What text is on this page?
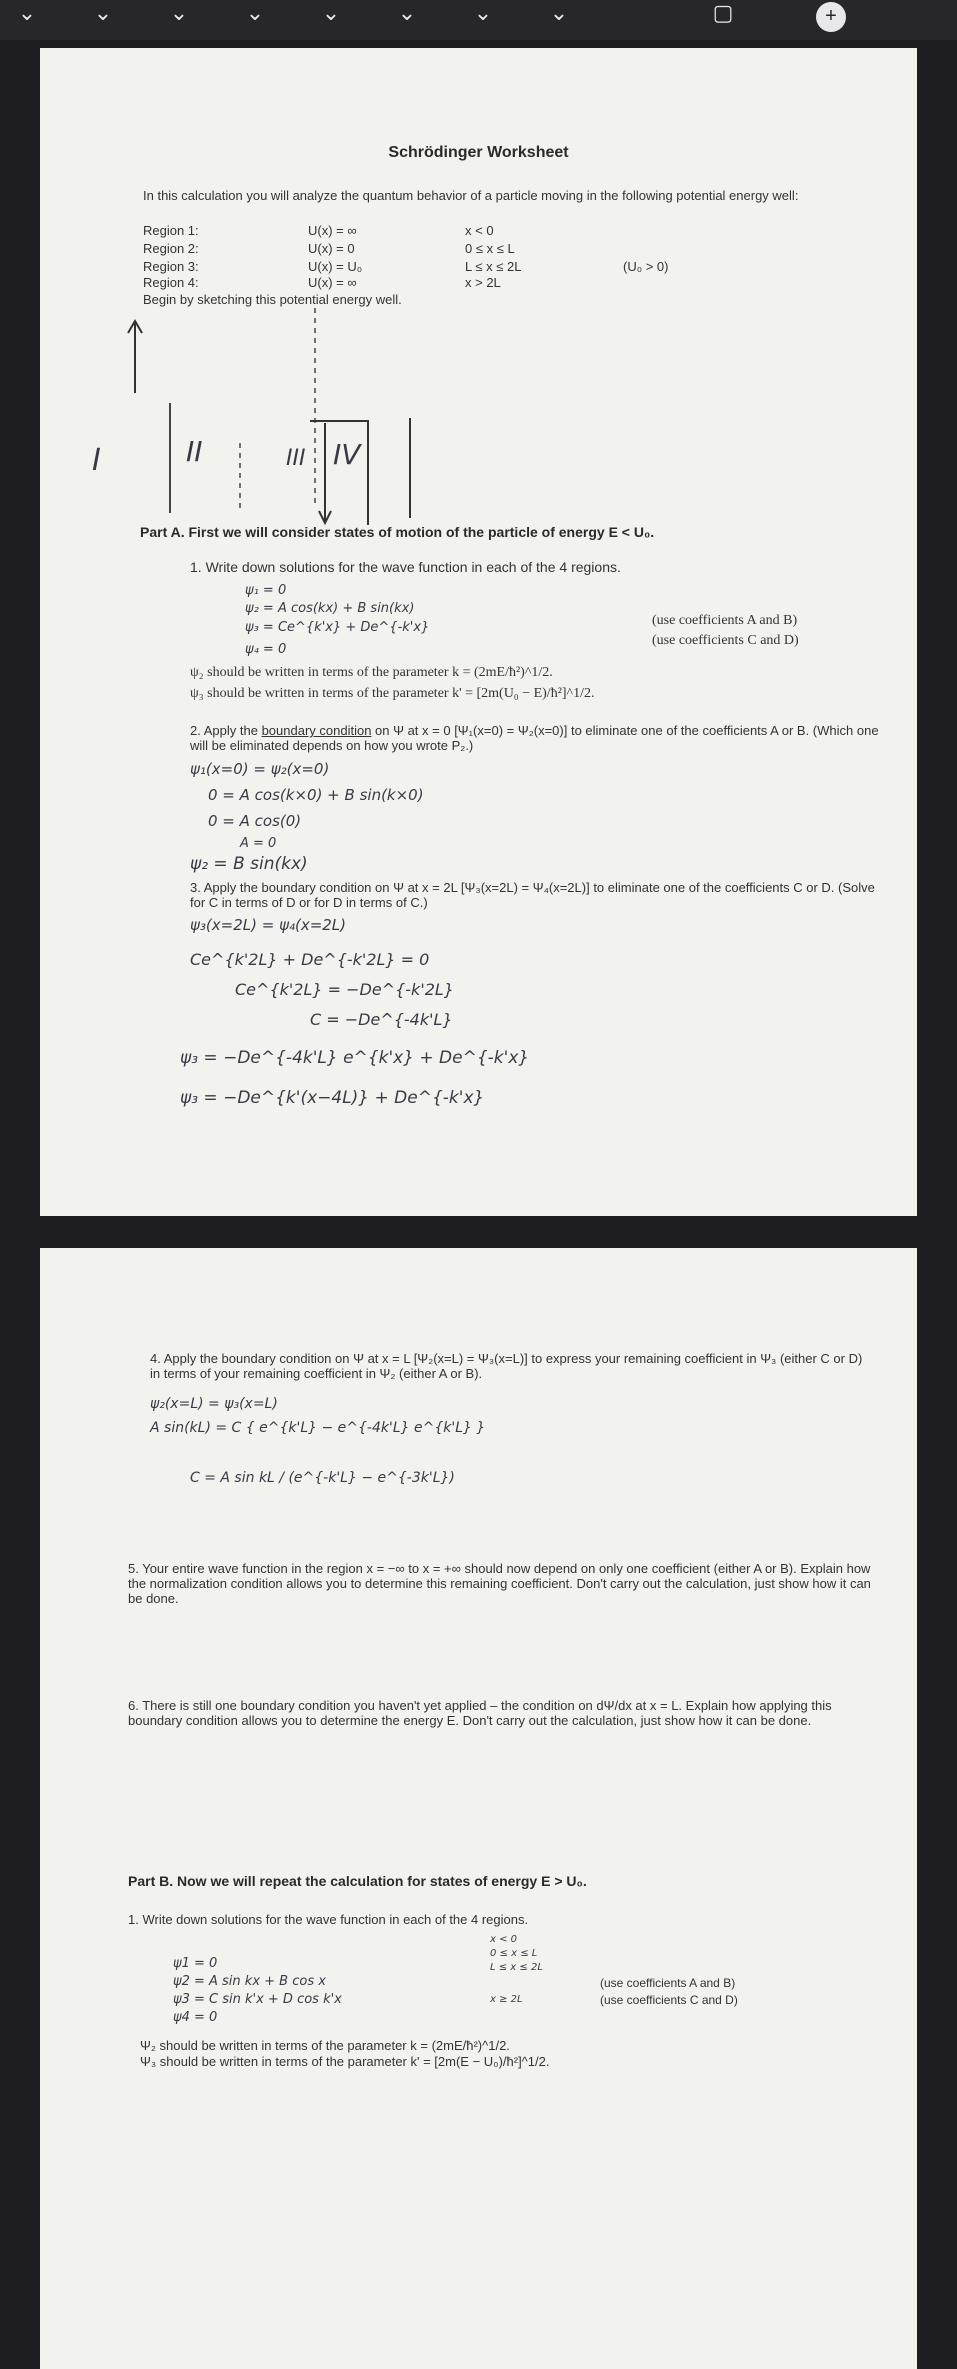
⌄	⌄	⌄	⌄	⌄	⌄	⌄	⌄	▢	+
Schrödinger Worksheet
In this calculation you will analyze the quantum behavior of a particle moving in the following potential energy well:
Region 1:	U(x) = ∞	x < 0
Region 2:	U(x) = 0	0 ≤ x ≤ L
Region 3:	U(x) = U₀	L ≤ x ≤ 2L	(U₀ > 0)
Region 4:	U(x) = ∞	x > 2L
Begin by sketching this potential energy well.
I	II	III IV
Part A. First we will consider states of motion of the particle of energy E < U₀.
1. Write down solutions for the wave function in each of the 4 regions.
ψ₁ = 0
ψ₂ = A cos(kx) + B sin(kx)
ψ₃ = Ce^{k'x} + De^{-k'x}
ψ₄ = 0
(use coefficients A and B)
(use coefficients C and D)
ψ₂ should be written in terms of the parameter k = (2mE/ħ²)^1/2.
ψ₃ should be written in terms of the parameter k' = [2m(U₀ − E)/ħ²]^1/2.
2. Apply the boundary condition on Ψ at x = 0 [Ψ₁(x=0) = Ψ₂(x=0)] to eliminate one of the coefficients A or B. (Which one will be eliminated depends on how you wrote P₂.)
ψ₁(x=0) = ψ₂(x=0)
0 = A cos(k×0) + B sin(k×0)
0 = A cos(0)
A = 0
ψ₂ = B sin(kx)
3. Apply the boundary condition on Ψ at x = 2L [Ψ₃(x=2L) = Ψ₄(x=2L)] to eliminate one of the coefficients C or D. (Solve for C in terms of D or for D in terms of C.)
ψ₃(x=2L) = ψ₄(x=2L)
Ce^{k'2L} + De^{-k'2L} = 0
Ce^{k'2L} = −De^{-k'2L}
C = −De^{-4k'L}
ψ₃ = −De^{-4k'L} e^{k'x} + De^{-k'x}
ψ₃ = −De^{k'(x−4L)} + De^{-k'x}
4. Apply the boundary condition on Ψ at x = L [Ψ₂(x=L) = Ψ₃(x=L)] to express your remaining coefficient in Ψ₃ (either C or D) in terms of your remaining coefficient in Ψ₂ (either A or B).
ψ₂(x=L) = ψ₃(x=L)
A sin(kL) = C { e^{k'L} − e^{-4k'L} e^{k'L} }
C = A sin kL / (e^{-k'L} − e^{-3k'L})
5. Your entire wave function in the region x = −∞ to x = +∞ should now depend on only one coefficient (either A or B). Explain how the normalization condition allows you to determine this remaining coefficient. Don't carry out the calculation, just show how it can be done.
6. There is still one boundary condition you haven't yet applied – the condition on dΨ/dx at x = L. Explain how applying this boundary condition allows you to determine the energy E. Don't carry out the calculation, just show how it can be done.
Part B. Now we will repeat the calculation for states of energy E > U₀.
1. Write down solutions for the wave function in each of the 4 regions.
ψ1 = 0
ψ2 = A sin kx + B cos x
ψ3 = C sin k'x + D cos k'x
ψ4 = 0
x < 0
0 ≤ x ≤ L
L ≤ x ≤ 2L
x ≥ 2L
(use coefficients A and B)
(use coefficients C and D)
Ψ₂ should be written in terms of the parameter k = (2mE/ħ²)^1/2.
Ψ₃ should be written in terms of the parameter k' = [2m(E − U₀)/ħ²]^1/2.
